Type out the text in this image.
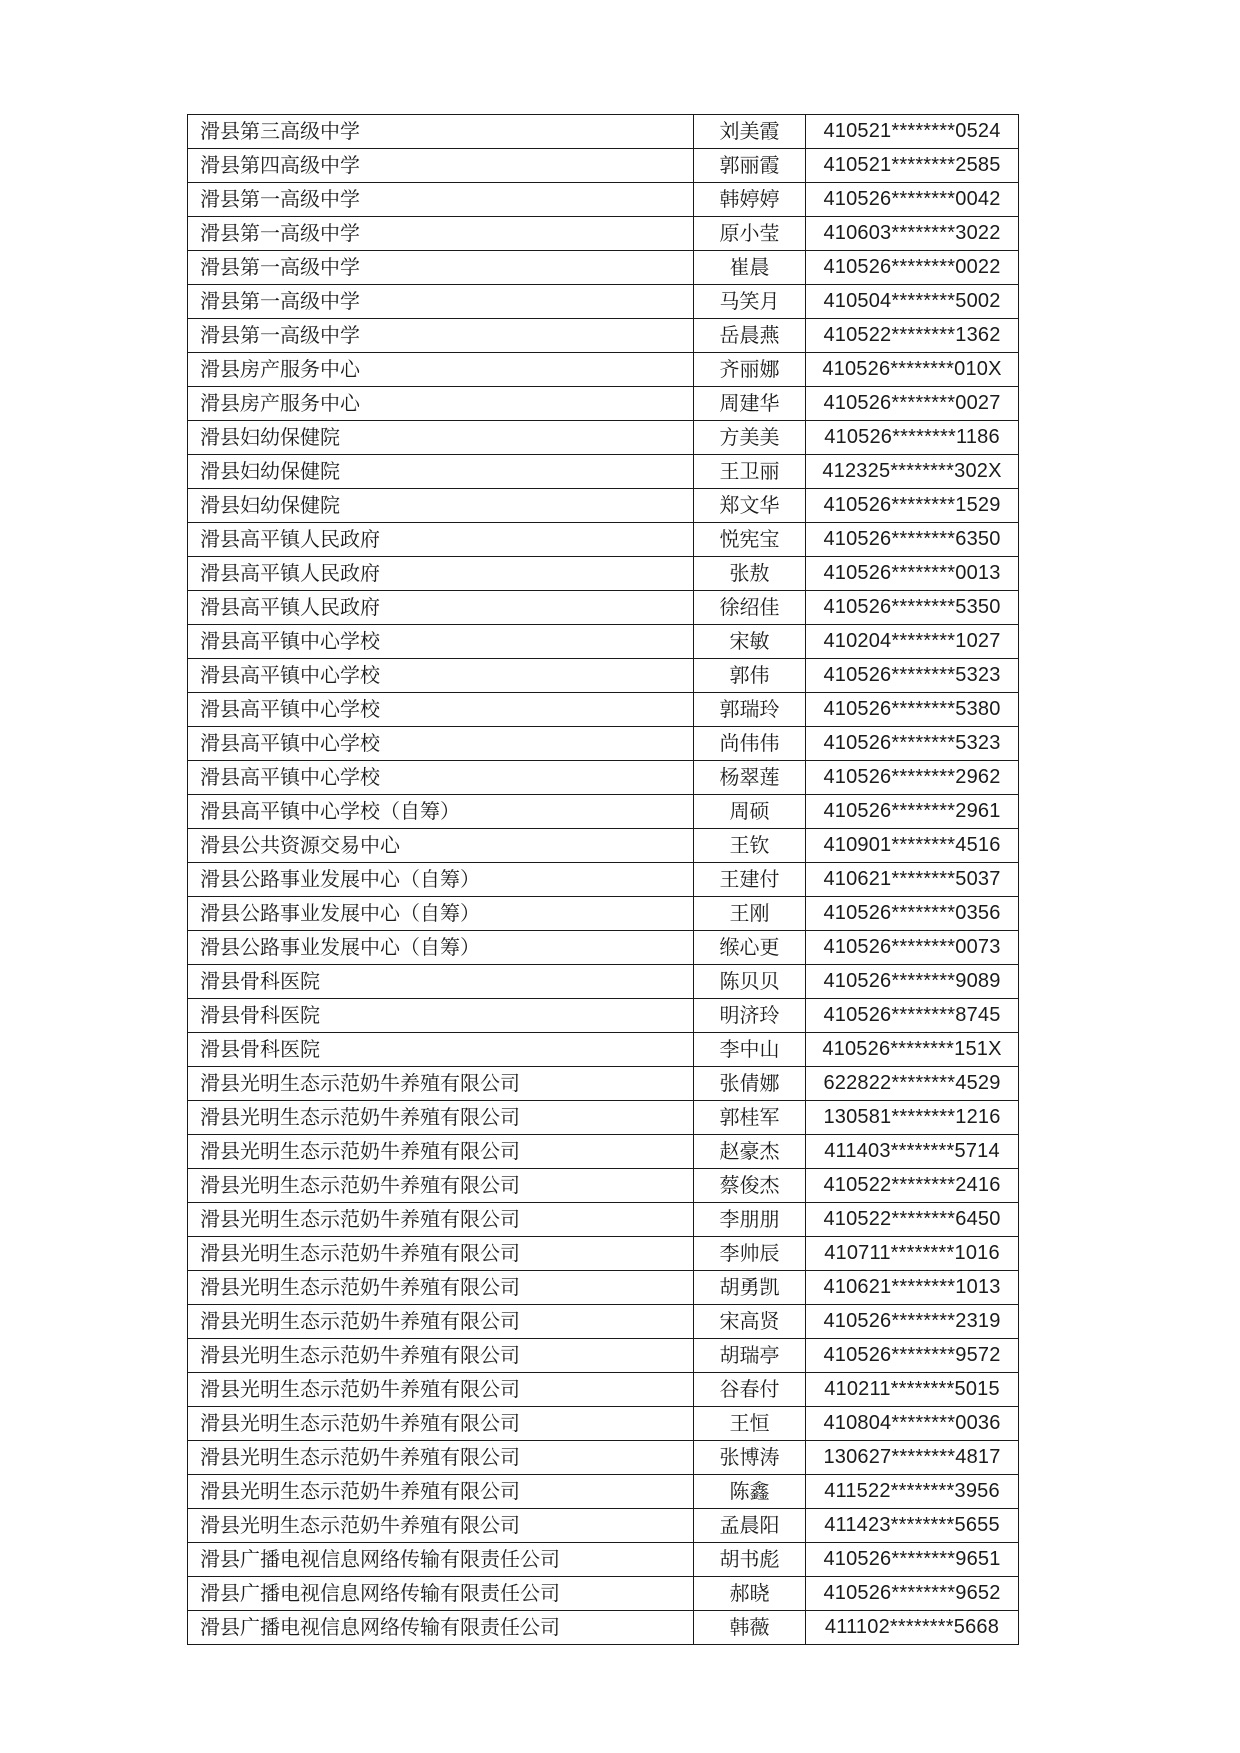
滑县第三高级中学	刘美霞	410521********0524
滑县第四高级中学	郭丽霞	410521********2585
滑县第一高级中学	韩婷婷	410526********0042
滑县第一高级中学	原小莹	410603********3022
滑县第一高级中学	崔晨	410526********0022
滑县第一高级中学	马笑月	410504********5002
滑县第一高级中学	岳晨燕	410522********1362
滑县房产服务中心	齐丽娜	410526********010X
滑县房产服务中心	周建华	410526********0027
滑县妇幼保健院	方美美	410526********1186
滑县妇幼保健院	王卫丽	412325********302X
滑县妇幼保健院	郑文华	410526********1529
滑县高平镇人民政府	悦宪宝	410526********6350
滑县高平镇人民政府	张敖	410526********0013
滑县高平镇人民政府	徐绍佳	410526********5350
滑县高平镇中心学校	宋敏	410204********1027
滑县高平镇中心学校	郭伟	410526********5323
滑县高平镇中心学校	郭瑞玲	410526********5380
滑县高平镇中心学校	尚伟伟	410526********5323
滑县高平镇中心学校	杨翠莲	410526********2962
滑县高平镇中心学校（自筹）	周硕	410526********2961
滑县公共资源交易中心	王钦	410901********4516
滑县公路事业发展中心（自筹）	王建付	410621********5037
滑县公路事业发展中心（自筹）	王刚	410526********0356
滑县公路事业发展中心（自筹）	缑心更	410526********0073
滑县骨科医院	陈贝贝	410526********9089
滑县骨科医院	明济玲	410526********8745
滑县骨科医院	李中山	410526********151X
滑县光明生态示范奶牛养殖有限公司	张倩娜	622822********4529
滑县光明生态示范奶牛养殖有限公司	郭桂军	130581********1216
滑县光明生态示范奶牛养殖有限公司	赵豪杰	411403********5714
滑县光明生态示范奶牛养殖有限公司	蔡俊杰	410522********2416
滑县光明生态示范奶牛养殖有限公司	李朋朋	410522********6450
滑县光明生态示范奶牛养殖有限公司	李帅辰	410711********1016
滑县光明生态示范奶牛养殖有限公司	胡勇凯	410621********1013
滑县光明生态示范奶牛养殖有限公司	宋高贤	410526********2319
滑县光明生态示范奶牛养殖有限公司	胡瑞亭	410526********9572
滑县光明生态示范奶牛养殖有限公司	谷春付	410211********5015
滑县光明生态示范奶牛养殖有限公司	王恒	410804********0036
滑县光明生态示范奶牛养殖有限公司	张博涛	130627********4817
滑县光明生态示范奶牛养殖有限公司	陈鑫	411522********3956
滑县光明生态示范奶牛养殖有限公司	孟晨阳	411423********5655
滑县广播电视信息网络传输有限责任公司	胡书彪	410526********9651
滑县广播电视信息网络传输有限责任公司	郝晓	410526********9652
滑县广播电视信息网络传输有限责任公司	韩薇	411102********5668
